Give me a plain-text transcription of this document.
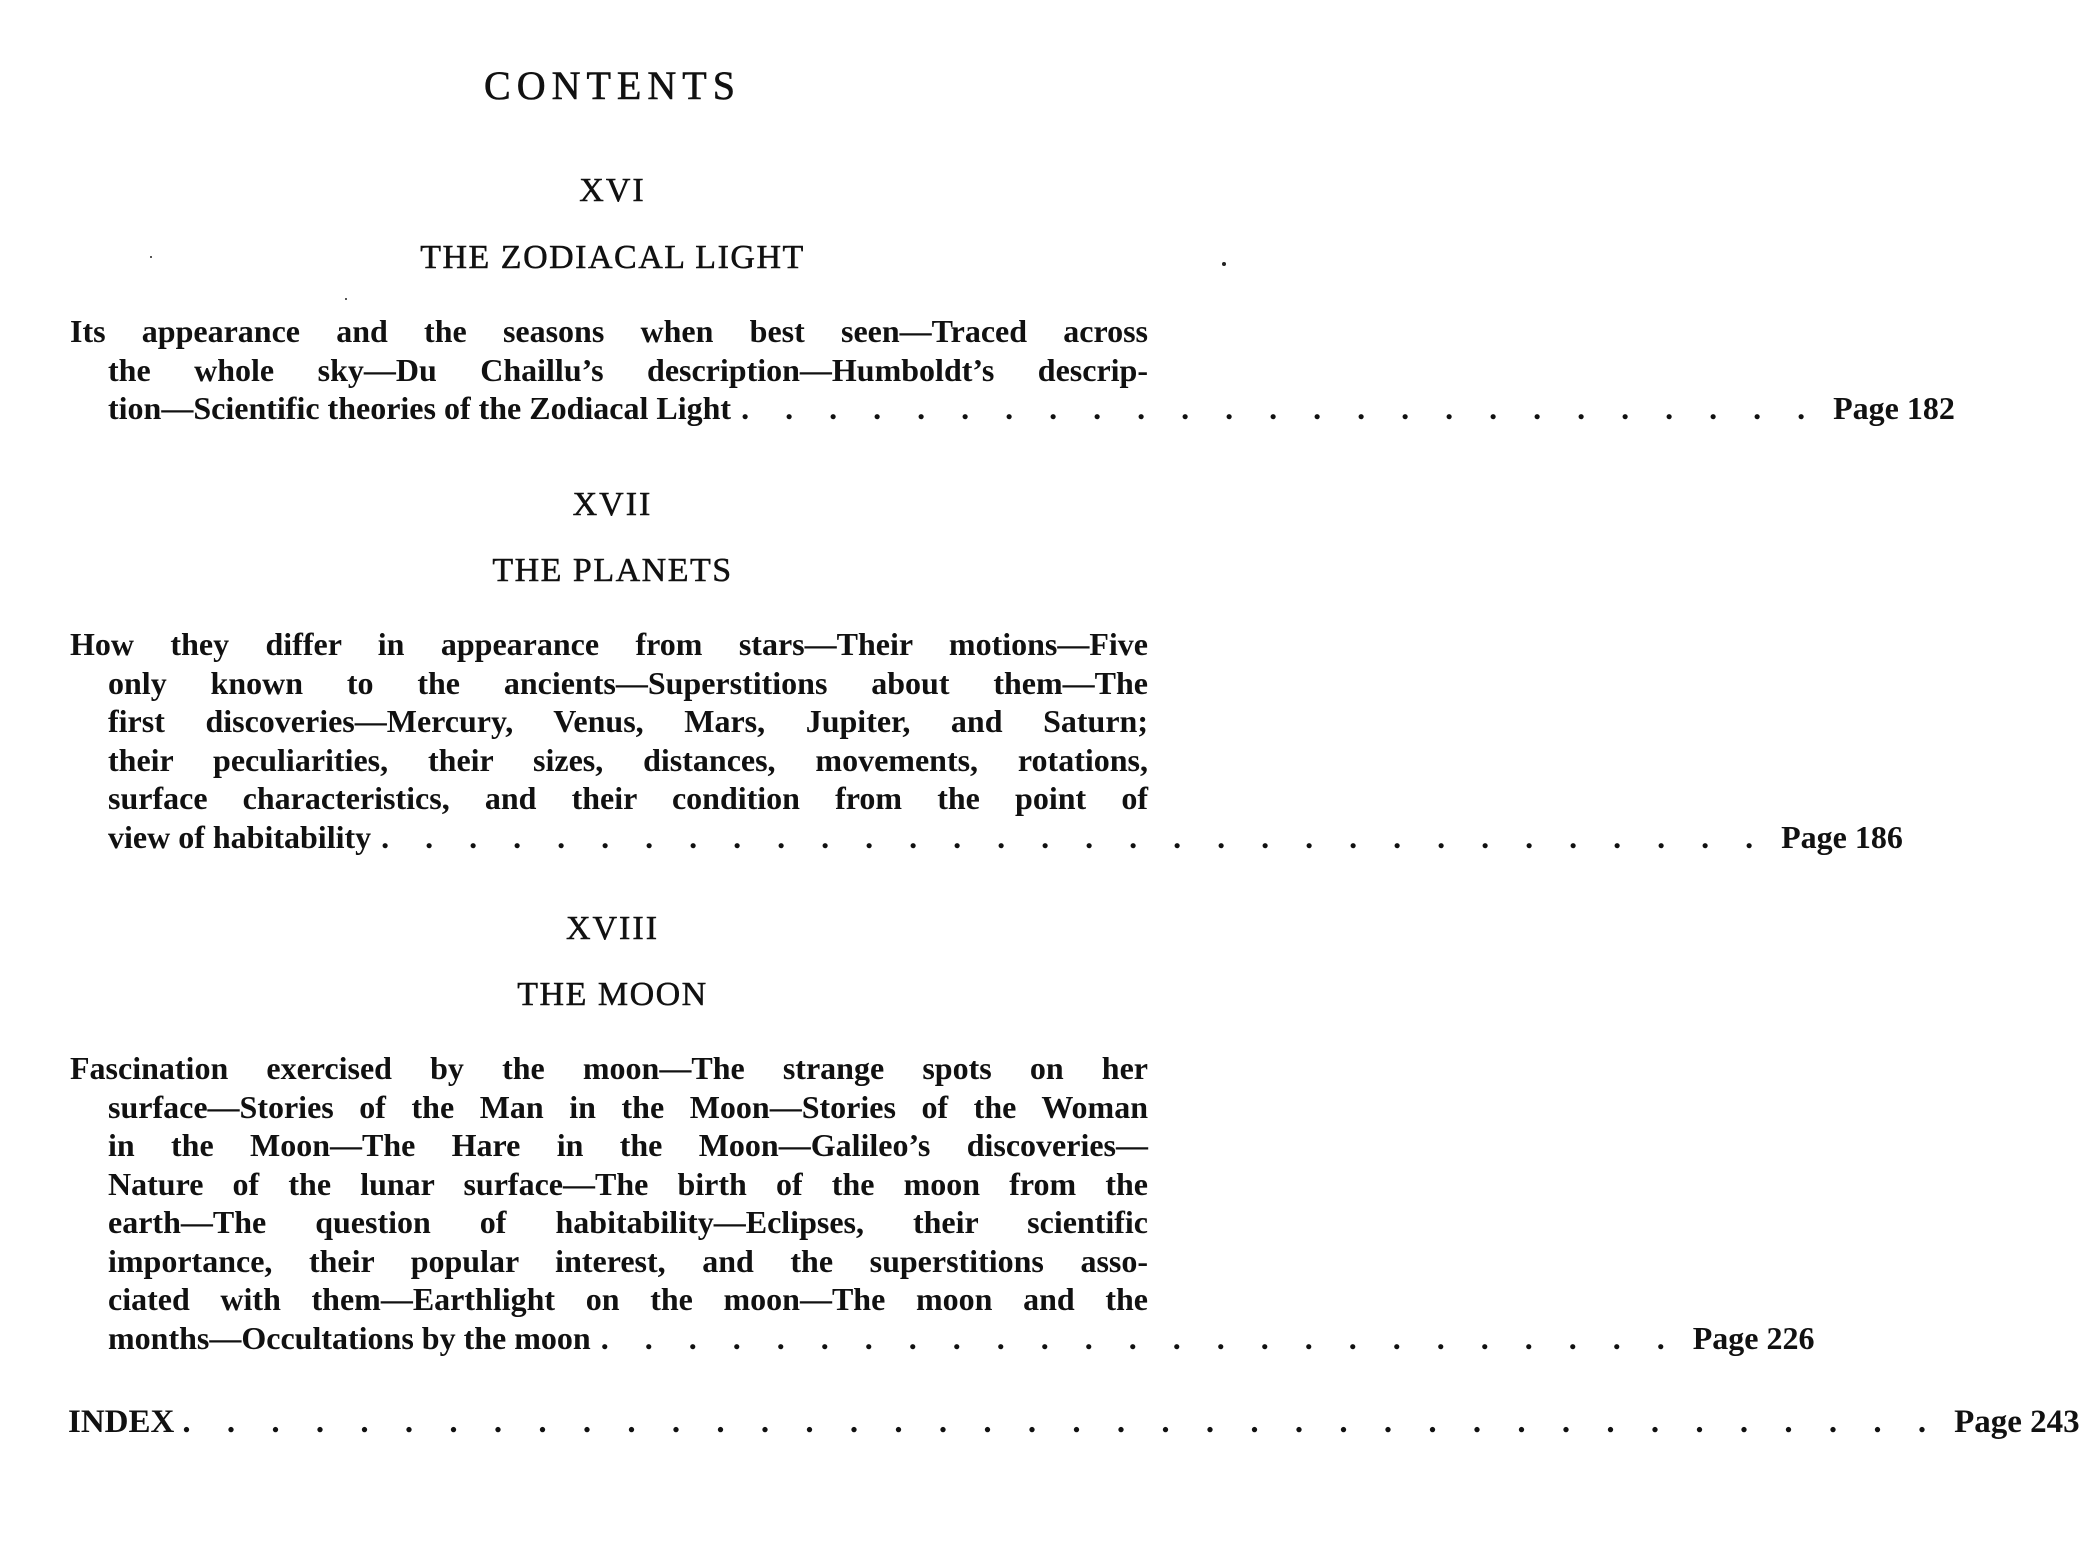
CONTENTS
XVI
THE ZODIACAL LIGHT
Its appearance and the seasons when best seen—Traced across
the whole sky—Du Chaillu’s description—Humboldt’s descrip-
tion—Scientific theories of the Zodiacal Light . . . . . . . . . . . . . . . . . . . . . . . . . Page 182
XVII
THE PLANETS
How they differ in appearance from stars—Their motions—Five
only known to the ancients—Superstitions about them—The
first discoveries—Mercury, Venus, Mars, Jupiter, and Saturn;
their peculiarities, their sizes, distances, movements, rotations,
surface characteristics, and their condition from the point of
view of habitability . . . . . . . . . . . . . . . . . . . . . . . . . . . . . . . . Page 186
XVIII
THE MOON
Fascination exercised by the moon—The strange spots on her
surface—Stories of the Man in the Moon—Stories of the Woman
in the Moon—The Hare in the Moon—Galileo’s discoveries—
Nature of the lunar surface—The birth of the moon from the
earth—The question of habitability—Eclipses, their scientific
importance, their popular interest, and the superstitions asso-
ciated with them—Earthlight on the moon—The moon and the
months—Occultations by the moon . . . . . . . . . . . . . . . . . . . . . . . . . Page 226
INDEX . . . . . . . . . . . . . . . . . . . . . . . . . . . . . . . . . . . . . . . . Page 243
